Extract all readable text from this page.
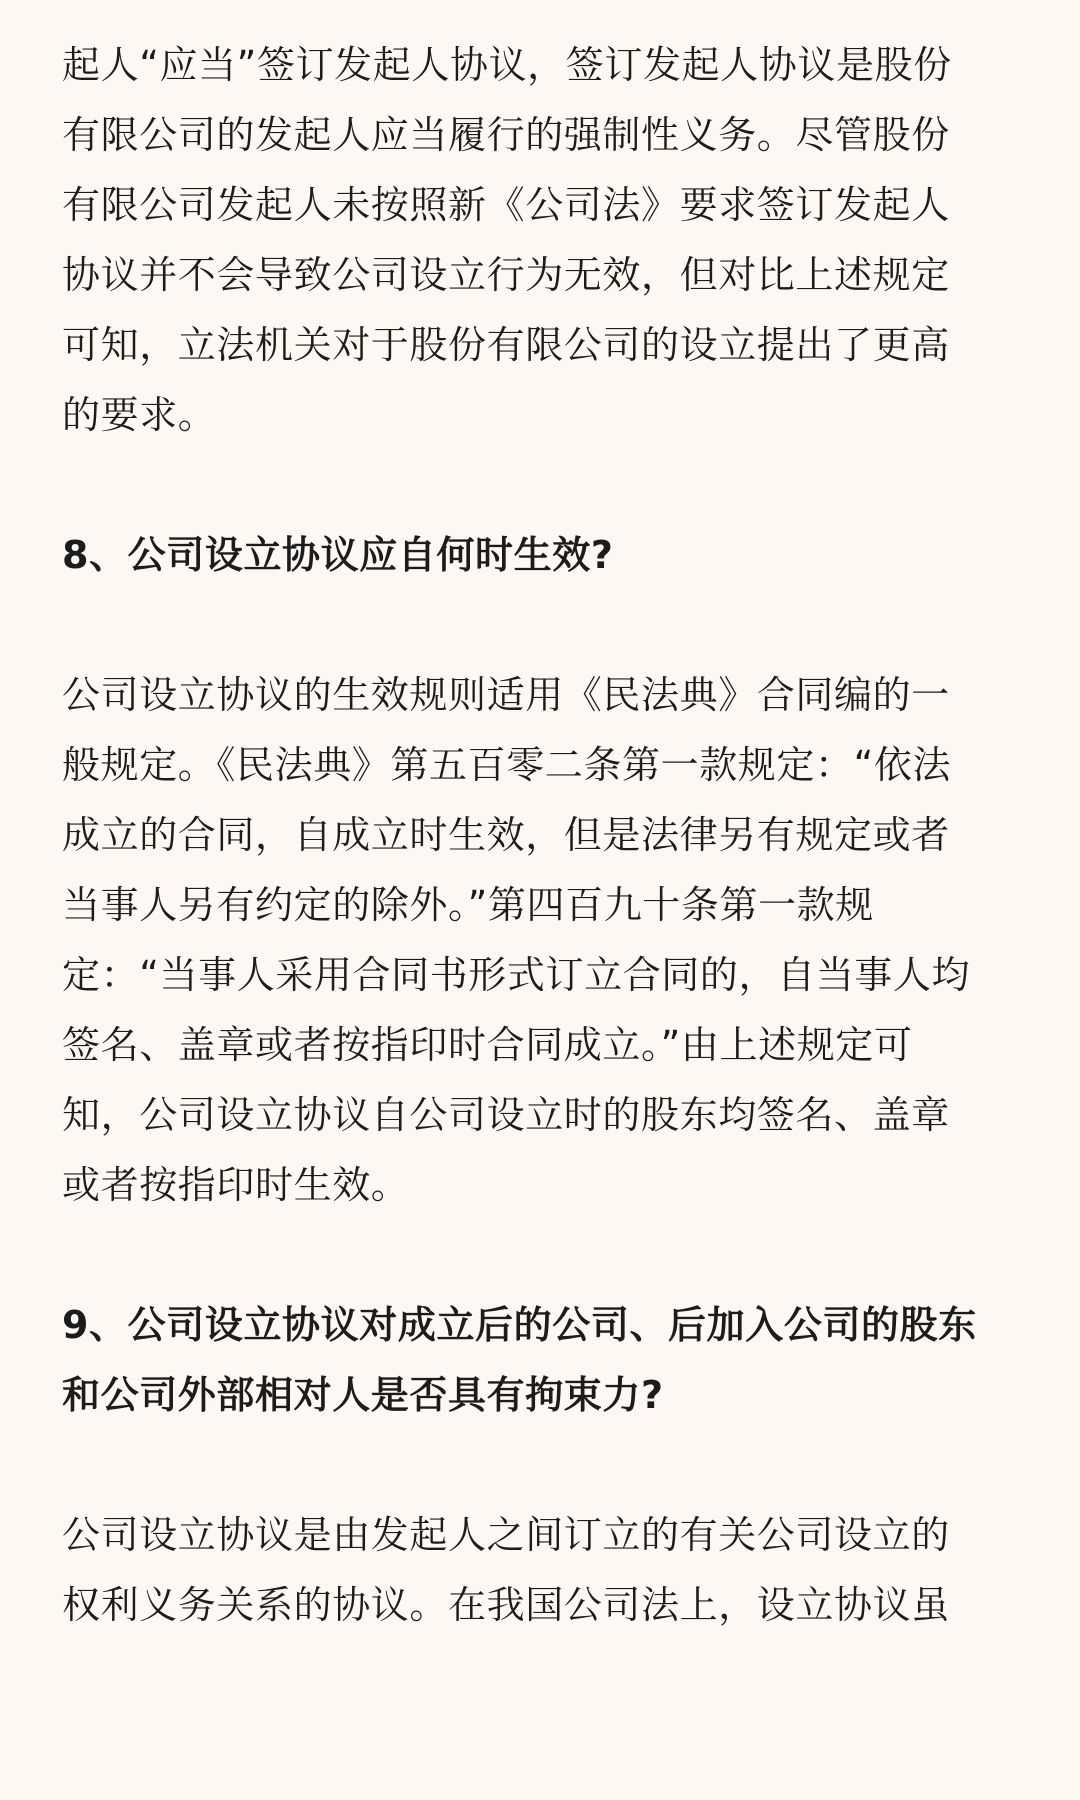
起人“应当”签订发起人协议，签订发起人协议是股份
有限公司的发起人应当履行的强制性义务。尽管股份
有限公司发起人未按照新《公司法》要求签订发起人
协议并不会导致公司设立行为无效，但对比上述规定
可知，立法机关对于股份有限公司的设立提出了更高
的要求。

8、公司设立协议应自何时生效?

公司设立协议的生效规则适用《民法典》合同编的一
般规定。《民法典》第五百零二条第一款规定：“依法
成立的合同，自成立时生效，但是法律另有规定或者
当事人另有约定的除外。”第四百九十条第一款规
定：“当事人采用合同书形式订立合同的，自当事人均
签名、盖章或者按指印时合同成立。”由上述规定可
知，公司设立协议自公司设立时的股东均签名、盖章
或者按指印时生效。

9、公司设立协议对成立后的公司、后加入公司的股东
和公司外部相对人是否具有拘束力?

公司设立协议是由发起人之间订立的有关公司设立的
权利义务关系的协议。在我国公司法上，设立协议虽
